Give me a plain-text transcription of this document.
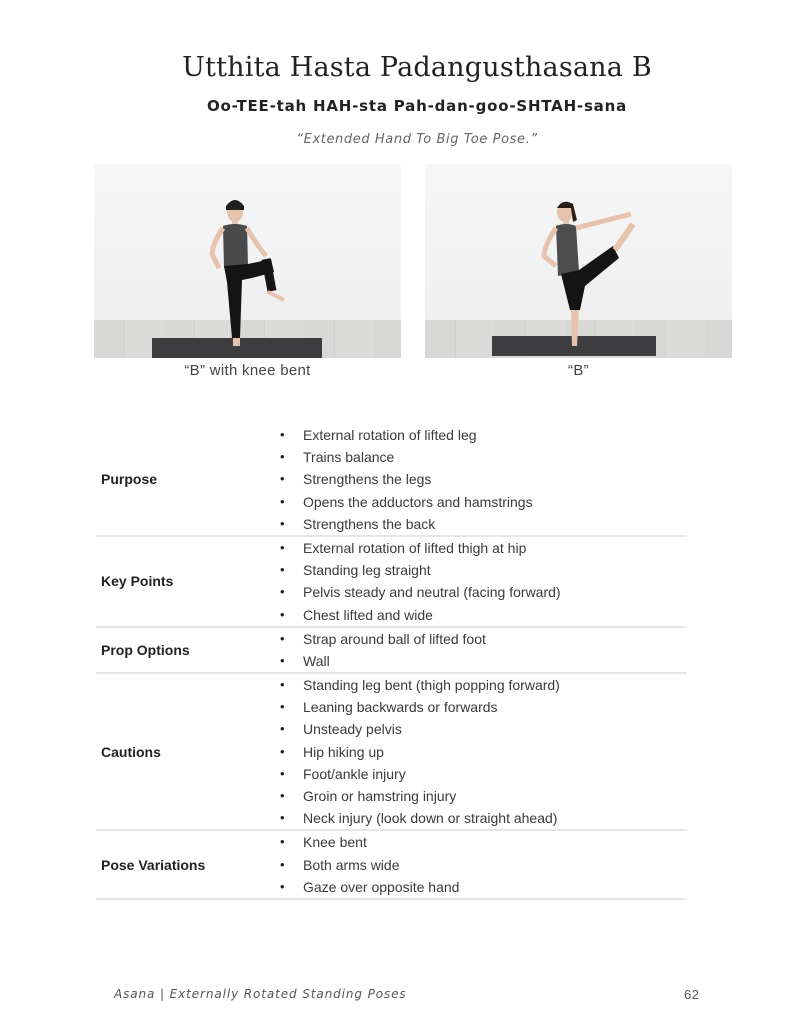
Utthita Hasta Padangusthasana B
Oo-TEE-tah HAH-sta Pah-dan-goo-SHTAH-sana
“Extended Hand To Big Toe Pose.”
“B” with knee bent	“B”
Purpose	
• External rotation of lifted leg
• Trains balance
• Strengthens the legs
• Opens the adductors and hamstrings
• Strengthens the back

Key Points	
• External rotation of lifted thigh at hip
• Standing leg straight
• Pelvis steady and neutral (facing forward)
• Chest lifted and wide

Prop Options	
• Strap around ball of lifted foot
• Wall

Cautions	
• Standing leg bent (thigh popping forward)
• Leaning backwards or forwards
• Unsteady pelvis
• Hip hiking up
• Foot/ankle injury
• Groin or hamstring injury
• Neck injury (look down or straight ahead)

Pose Variations	
• Knee bent
• Both arms wide
• Gaze over opposite hand
Asana | Externally Rotated Standing Poses	62
